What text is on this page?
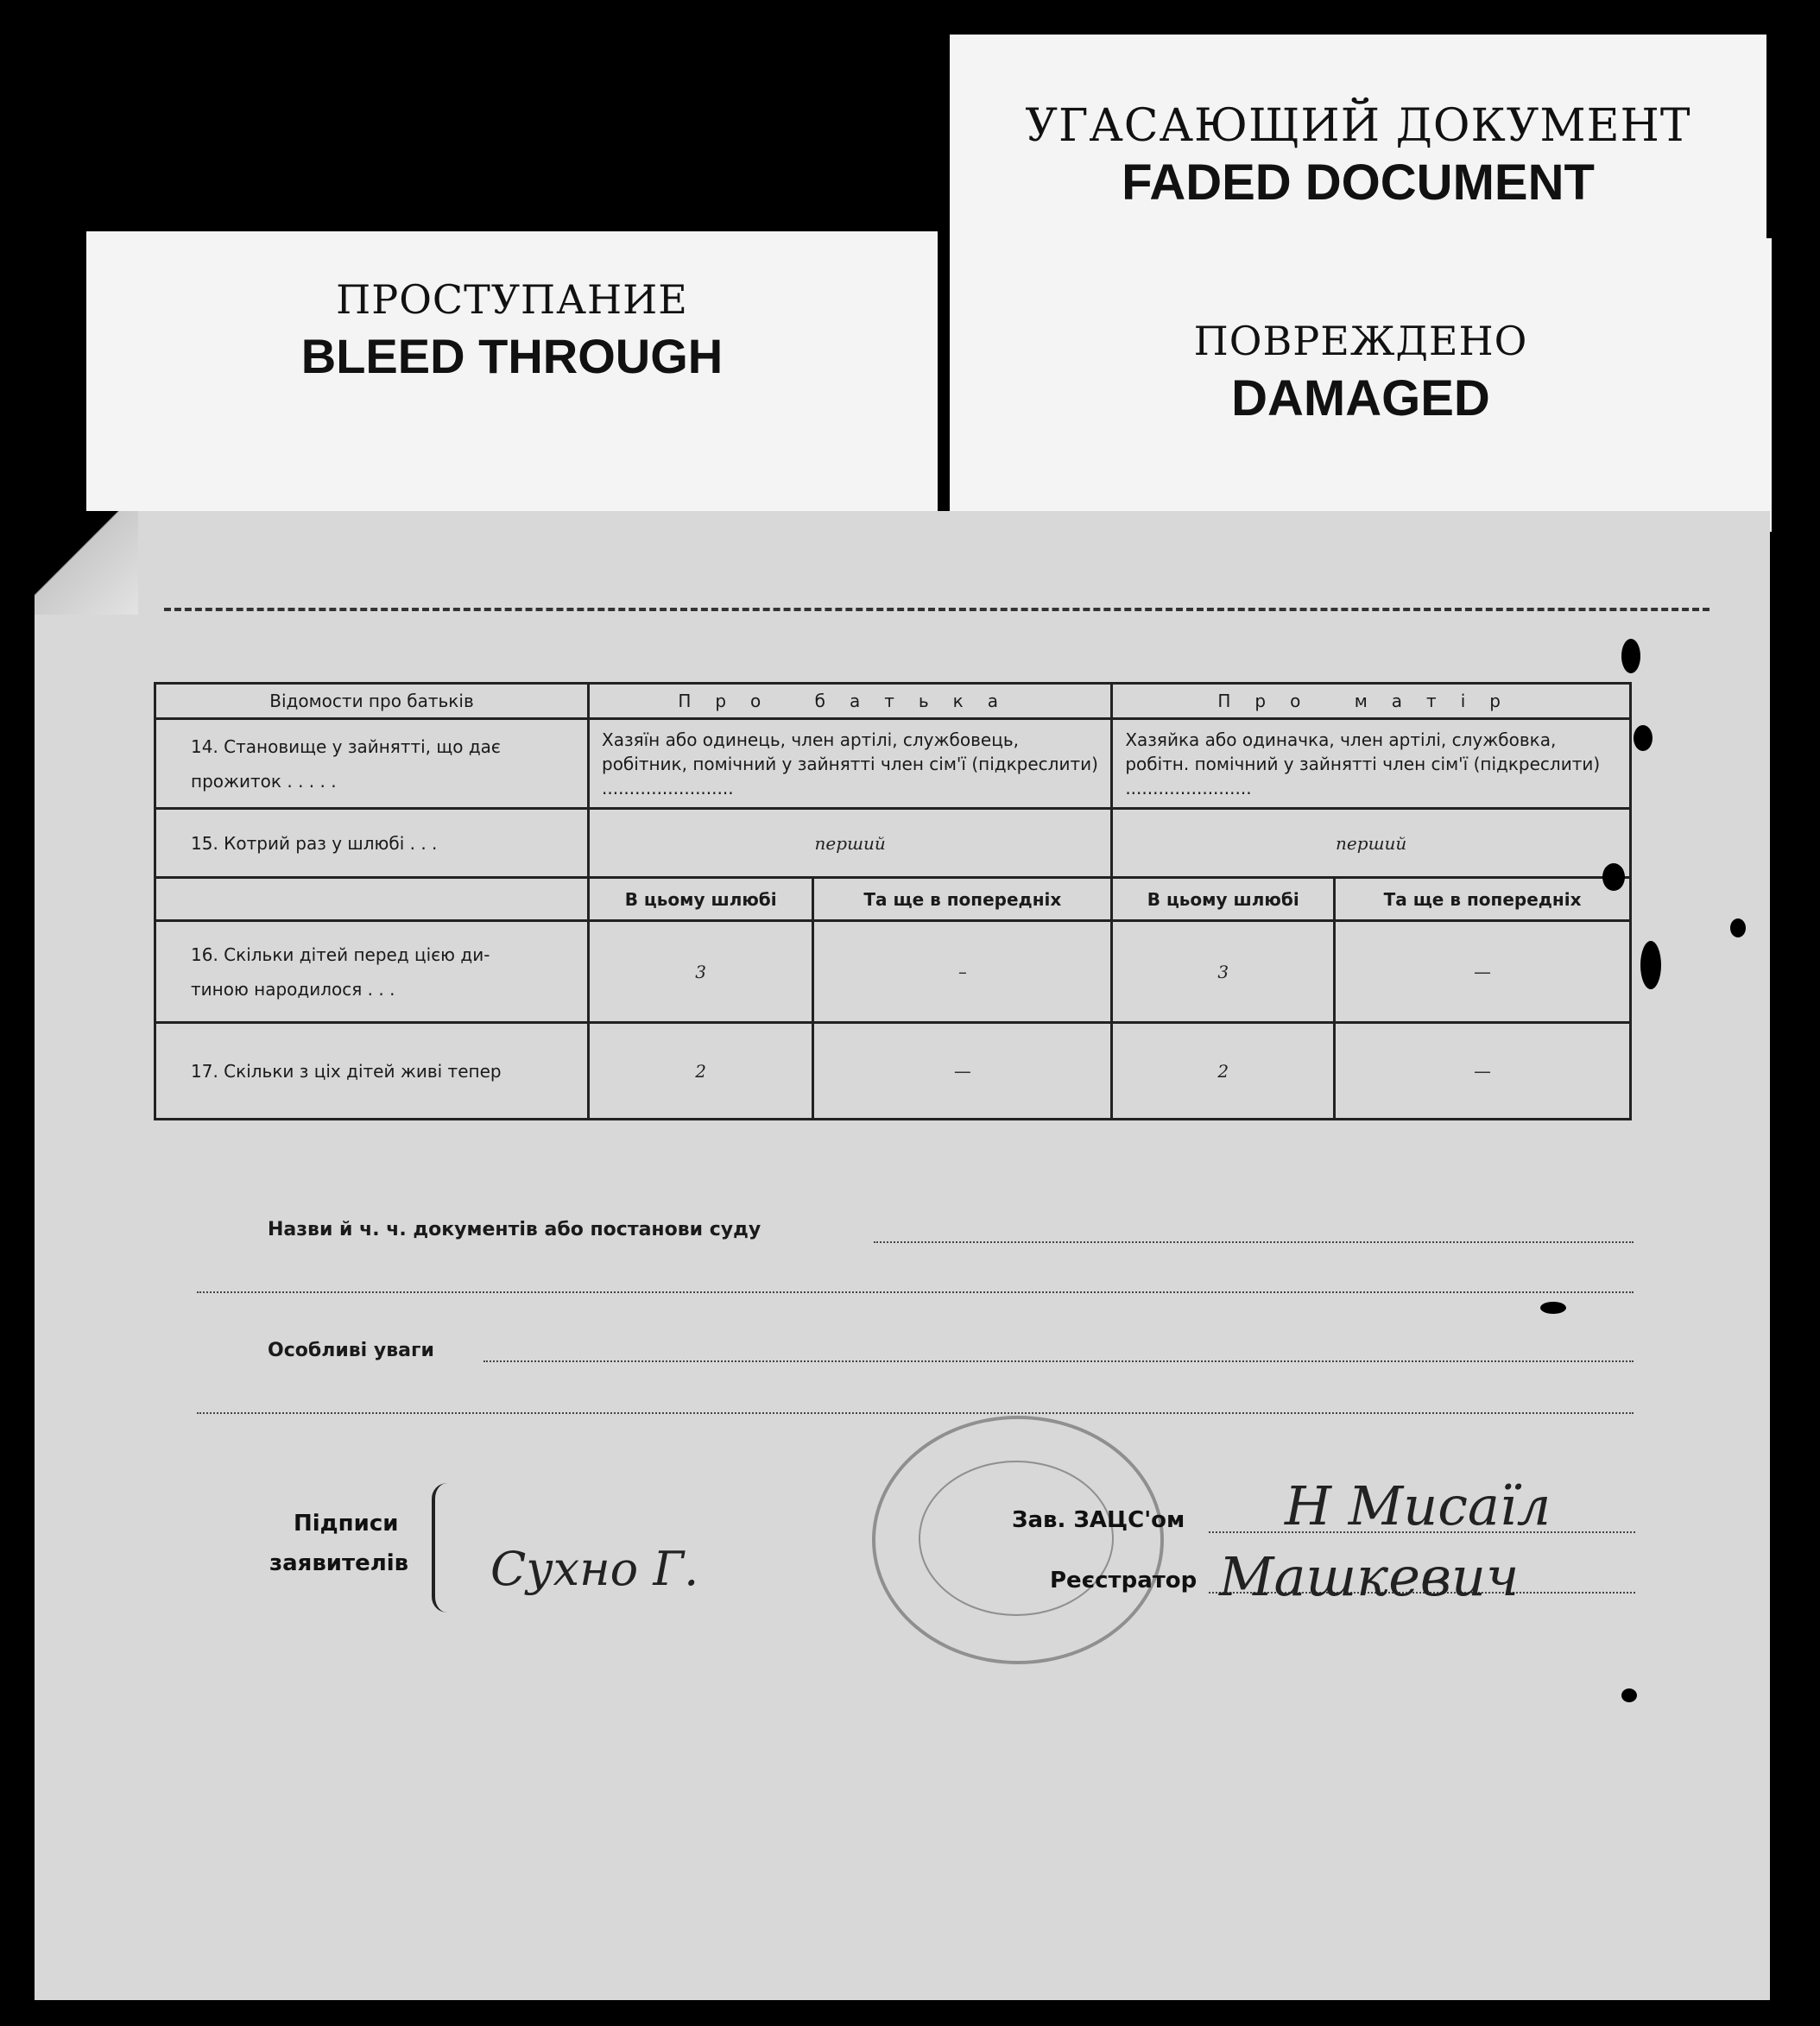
УГАСАЮЩИЙ ДОКУМЕНТ
FADED DOCUMENT
ПРОСТУПАНИЕ
BLEED THROUGH	ПОВРЕЖДЕНО
DAMAGED
Відомости про батьків	Про батька		Про матір	
14. Становище у зайнятті, що дає
прожиток . . . . .	Хазяїн або одинець, член артілі, службовець, робітник, помічний у зайнятті член сім'ї (підкреслити) ........................		Хазяйка або одиначка, член артілі, службовка, робітн. помічний у зайнятті член сім'ї (підкреслити) .......................	
15. Котрий раз у шлюбі . . .	перший		перший	
	В цьому шлюбі	Та ще в попередніх	В цьому шлюбі	Та ще в попередніх
16. Скільки дітей перед цією ди-
тиною народилося . . .	3	–	3	—
17. Скільки з ціх дітей живі тепер	2	—	2	—
Назви й ч. ч. документів або постанови суду
Особливі уваги
Підписи
заявителів Сухно Г.
Зав. ЗАЦС'ом Н Мисаїл
Реєстратор Машкевич
